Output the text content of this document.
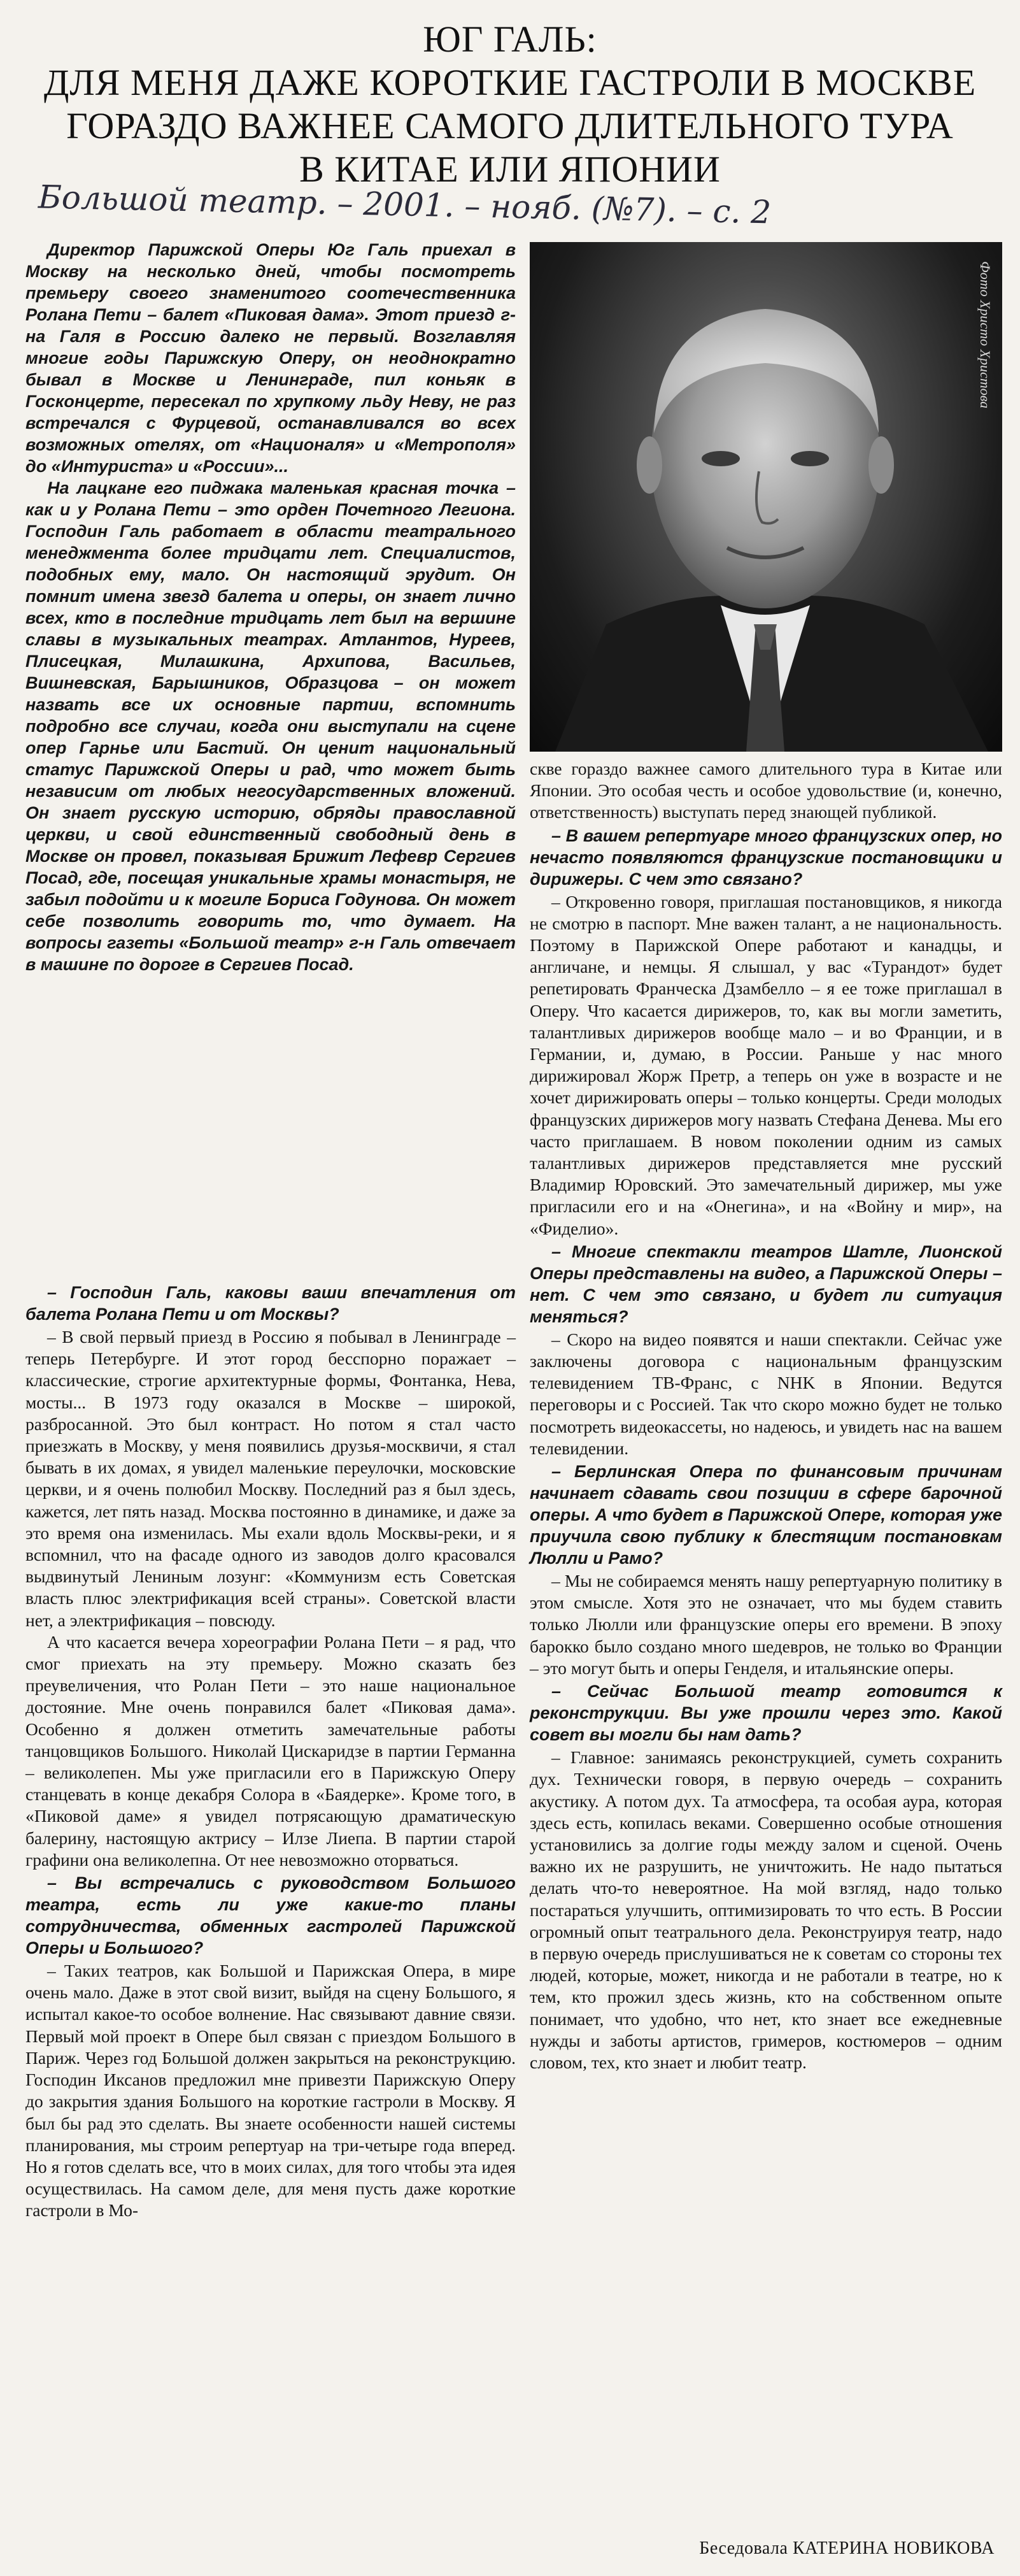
ЮГ ГАЛЬ:
ДЛЯ МЕНЯ ДАЖЕ КОРОТКИЕ ГАСТРОЛИ В МОСКВЕ
ГОРАЗДО ВАЖНЕЕ САМОГО ДЛИТЕЛЬНОГО ТУРА
В КИТАЕ ИЛИ ЯПОНИИ
Большой театр. – 2001. – нояб. (№7). – с. 2
Фото Христо Христова

Директор Парижской Оперы Юг Галь приехал в Москву на несколько дней, чтобы посмотреть премьеру своего знаменитого соотечественника Ролана Пети – балет «Пиковая дама». Этот приезд г-на Галя в Россию далеко не первый. Возглавляя многие годы Парижскую Оперу, он неоднократно бывал в Москве и Ленинграде, пил коньяк в Госконцерте, пересекал по хрупкому льду Неву, не раз встречался с Фурцевой, останавливался во всех возможных отелях, от «Националя» и «Метрополя» до «Интуриста» и «России»...

На лацкане его пиджака маленькая красная точка – как и у Ролана Пети – это орден Почетного Легиона. Господин Галь работает в области театрального менеджмента более тридцати лет. Специалистов, подобных ему, мало. Он настоящий эрудит. Он помнит имена звезд балета и оперы, он знает лично всех, кто в последние тридцать лет был на вершине славы в музыкальных театрах. Атлантов, Нуреев, Плисецкая, Милашкина, Архипова, Васильев, Вишневская, Барышников, Образцова – он может назвать все их основные партии, вспомнить подробно все случаи, когда они выступали на сцене опер Гарнье или Бастий. Он ценит национальный статус Парижской Оперы и рад, что может быть независим от любых негосударственных вложений. Он знает русскую историю, обряды православной церкви, и свой единственный свободный день в Москве он провел, показывая Брижит Лефевр Сергиев Посад, где, посещая уникальные храмы монастыря, не забыл подойти и к могиле Бориса Годунова. Он может себе позволить говорить то, что думает. На вопросы газеты «Большой театр» г-н Галь отвечает в машине по дороге в Сергиев Посад.

– Господин Галь, каковы ваши впечатления от балета Ролана Пети и от Москвы?

– В свой первый приезд в Россию я побывал в Ленинграде – теперь Петербурге. И этот город бесспорно поражает – классические, строгие архитектурные формы, Фонтанка, Нева, мосты... В 1973 году оказался в Москве – широкой, разбросанной. Это был контраст. Но потом я стал часто приезжать в Москву, у меня появились друзья-москвичи, я стал бывать в их домах, я увидел маленькие переулочки, московские церкви, и я очень полюбил Москву. Последний раз я был здесь, кажется, лет пять назад. Москва постоянно в динамике, и даже за это время она изменилась. Мы ехали вдоль Москвы-реки, и я вспомнил, что на фасаде одного из заводов долго красовался выдвинутый Лениным лозунг: «Коммунизм есть Советская власть плюс электрификация всей страны». Советской власти нет, а электрификация – повсюду.

А что касается вечера хореографии Ролана Пети – я рад, что смог приехать на эту премьеру. Можно сказать без преувеличения, что Ролан Пети – это наше национальное достояние. Мне очень понравился балет «Пиковая дама». Особенно я должен отметить замечательные работы танцовщиков Большого. Николай Цискаридзе в партии Германна – великолепен. Мы уже пригласили его в Парижскую Оперу станцевать в конце декабря Солора в «Баядерке». Кроме того, в «Пиковой даме» я увидел потрясающую драматическую балерину, настоящую актрису – Илзе Лиепа. В партии старой графини она великолепна. От нее невозможно оторваться.

– Вы встречались с руководством Большого театра, есть ли уже какие-то планы сотрудничества, обменных гастролей Парижской Оперы и Большого?

– Таких театров, как Большой и Парижская Опера, в мире очень мало. Даже в этот свой визит, выйдя на сцену Большого, я испытал какое-то особое волнение. Нас связывают давние связи. Первый мой проект в Опере был связан с приездом Большого в Париж. Через год Большой должен закрыться на реконструкцию. Господин Иксанов предложил мне привезти Парижскую Оперу до закрытия здания Большого на короткие гастроли в Москву. Я был бы рад это сделать. Вы знаете особенности нашей системы планирования, мы строим репертуар на три-четыре года вперед. Но я готов сделать все, что в моих силах, для того чтобы эта идея осуществилась. На самом деле, для меня пусть даже короткие гастроли в Мо-

скве гораздо важнее самого длительного тура в Китае или Японии. Это особая честь и особое удовольствие (и, конечно, ответственность) выступать перед знающей публикой.

– В вашем репертуаре много французских опер, но нечасто появляются французские постановщики и дирижеры. С чем это связано?

– Откровенно говоря, приглашая постановщиков, я никогда не смотрю в паспорт. Мне важен талант, а не национальность. Поэтому в Парижской Опере работают и канадцы, и англичане, и немцы. Я слышал, у вас «Турандот» будет репетировать Франческа Дзамбелло – я ее тоже приглашал в Оперу. Что касается дирижеров, то, как вы могли заметить, талантливых дирижеров вообще мало – и во Франции, и в Германии, и, думаю, в России. Раньше у нас много дирижировал Жорж Претр, а теперь он уже в возрасте и не хочет дирижировать оперы – только концерты. Среди молодых французских дирижеров могу назвать Стефана Денева. Мы его часто приглашаем. В новом поколении одним из самых талантливых дирижеров представляется мне русский Владимир Юровский. Это замечательный дирижер, мы уже пригласили его и на «Онегина», и на «Войну и мир», на «Фиделио».

– Многие спектакли театров Шатле, Лионской Оперы представлены на видео, а Парижской Оперы – нет. С чем это связано, и будет ли ситуация меняться?

– Скоро на видео появятся и наши спектакли. Сейчас уже заключены договора с национальным французским телевидением ТВ-Франс, с NHK в Японии. Ведутся переговоры и с Россией. Так что скоро можно будет не только посмотреть видеокассеты, но надеюсь, и увидеть нас на вашем телевидении.

– Берлинская Опера по финансовым причинам начинает сдавать свои позиции в сфере барочной оперы. А что будет в Парижской Опере, которая уже приучила свою публику к блестящим постановкам Люлли и Рамо?

– Мы не собираемся менять нашу репертуарную политику в этом смысле. Хотя это не означает, что мы будем ставить только Люлли или французские оперы его времени. В эпоху барокко было создано много шедевров, не только во Франции – это могут быть и оперы Генделя, и итальянские оперы.

– Сейчас Большой театр готовится к реконструкции. Вы уже прошли через это. Какой совет вы могли бы нам дать?

– Главное: занимаясь реконструкцией, суметь сохранить дух. Технически говоря, в первую очередь – сохранить акустику. А потом дух. Та атмосфера, та особая аура, которая здесь есть, копилась веками. Совершенно особые отношения установились за долгие годы между залом и сценой. Очень важно их не разрушить, не уничтожить. Не надо пытаться делать что-то невероятное. На мой взгляд, надо только постараться улучшить, оптимизировать то что есть. В России огромный опыт театрального дела. Реконструируя театр, надо в первую очередь прислушиваться не к советам со стороны тех людей, которые, может, никогда и не работали в театре, но к тем, кто прожил здесь жизнь, кто на собственном опыте понимает, что удобно, что нет, кто знает все ежедневные нужды и заботы артистов, гримеров, костюмеров – одним словом, тех, кто знает и любит театр.

Беседовала КАТЕРИНА НОВИКОВА
